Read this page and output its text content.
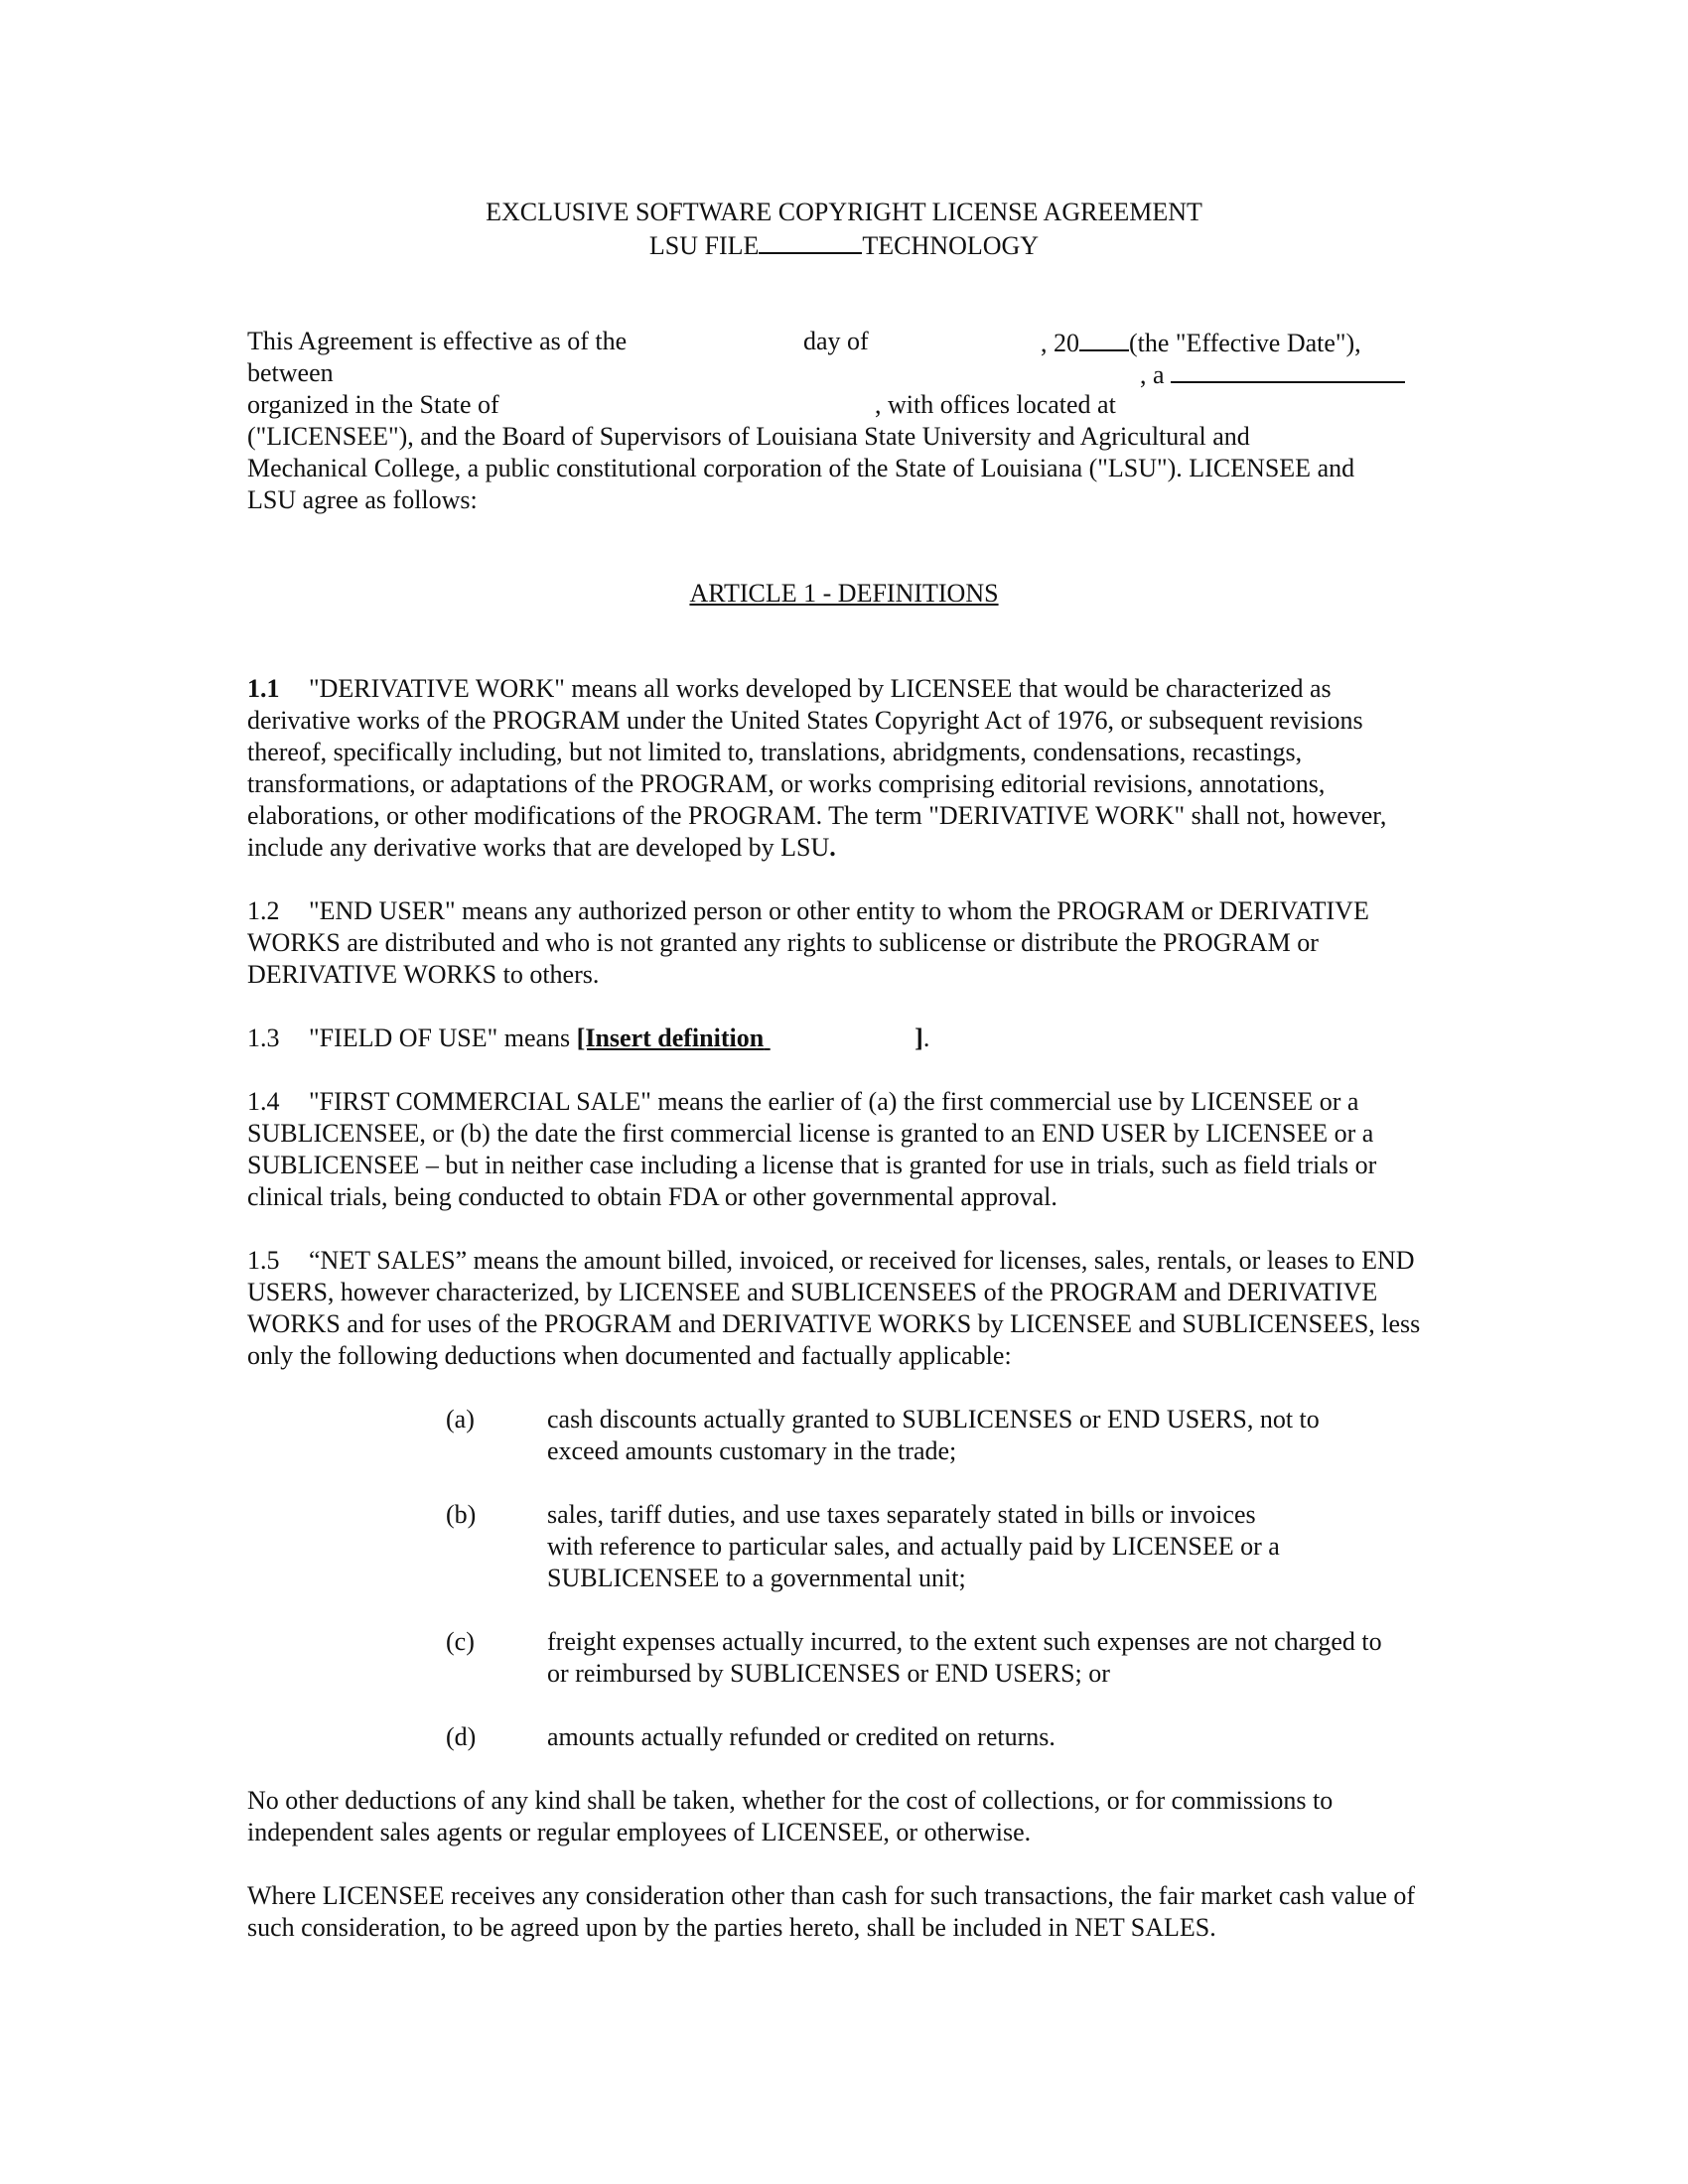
EXCLUSIVE SOFTWARE COPYRIGHT LICENSE AGREEMENT
LSU FILE	TECHNOLOGY
This Agreement is effective as of the	day of	, 20 (the "Effective Date"),
between	, a
organized in the State of	, with offices located at
("LICENSEE"), and the Board of Supervisors of Louisiana State University and Agricultural and
Mechanical College, a public constitutional corporation of the State of Louisiana ("LSU"). LICENSEE and
LSU agree as follows:
ARTICLE 1 - DEFINITIONS

1.1 "DERIVATIVE WORK" means all works developed by LICENSEE that would be characterized as derivative works of the PROGRAM under the United States Copyright Act of 1976, or subsequent revisions thereof, specifically including, but not limited to, translations, abridgments, condensations, recastings, transformations, or adaptations of the PROGRAM, or works comprising editorial revisions, annotations, elaborations, or other modifications of the PROGRAM. The term "DERIVATIVE WORK" shall not, however, include any derivative works that are developed by LSU.

1.2 "END USER" means any authorized person or other entity to whom the PROGRAM or DERIVATIVE WORKS are distributed and who is not granted any rights to sublicense or distribute the PROGRAM or DERIVATIVE WORKS to others.

1.3 "FIELD OF USE" means [Insert definition	].

1.4 "FIRST COMMERCIAL SALE" means the earlier of (a) the first commercial use by LICENSEE or a SUBLICENSEE, or (b) the date the first commercial license is granted to an END USER by LICENSEE or a SUBLICENSEE – but in neither case including a license that is granted for use in trials, such as field trials or clinical trials, being conducted to obtain FDA or other governmental approval.

1.5 “NET SALES” means the amount billed, invoiced, or received for licenses, sales, rentals, or leases to END USERS, however characterized, by LICENSEE and SUBLICENSEES of the PROGRAM and DERIVATIVE WORKS and for uses of the PROGRAM and DERIVATIVE WORKS by LICENSEE and SUBLICENSEES, less only the following deductions when documented and factually applicable:

(a)	cash discounts actually granted to SUBLICENSES or END USERS, not to
exceed amounts customary in the trade;
(b)	sales, tariff duties, and use taxes separately stated in bills or invoices
with reference to particular sales, and actually paid by LICENSEE or a
SUBLICENSEE to a governmental unit;
(c)	freight expenses actually incurred, to the extent such expenses are not charged to
or reimbursed by SUBLICENSES or END USERS; or
(d)	amounts actually refunded or credited on returns.

No other deductions of any kind shall be taken, whether for the cost of collections, or for commissions to independent sales agents or regular employees of LICENSEE, or otherwise.

Where LICENSEE receives any consideration other than cash for such transactions, the fair market cash value of such consideration, to be agreed upon by the parties hereto, shall be included in NET SALES.
